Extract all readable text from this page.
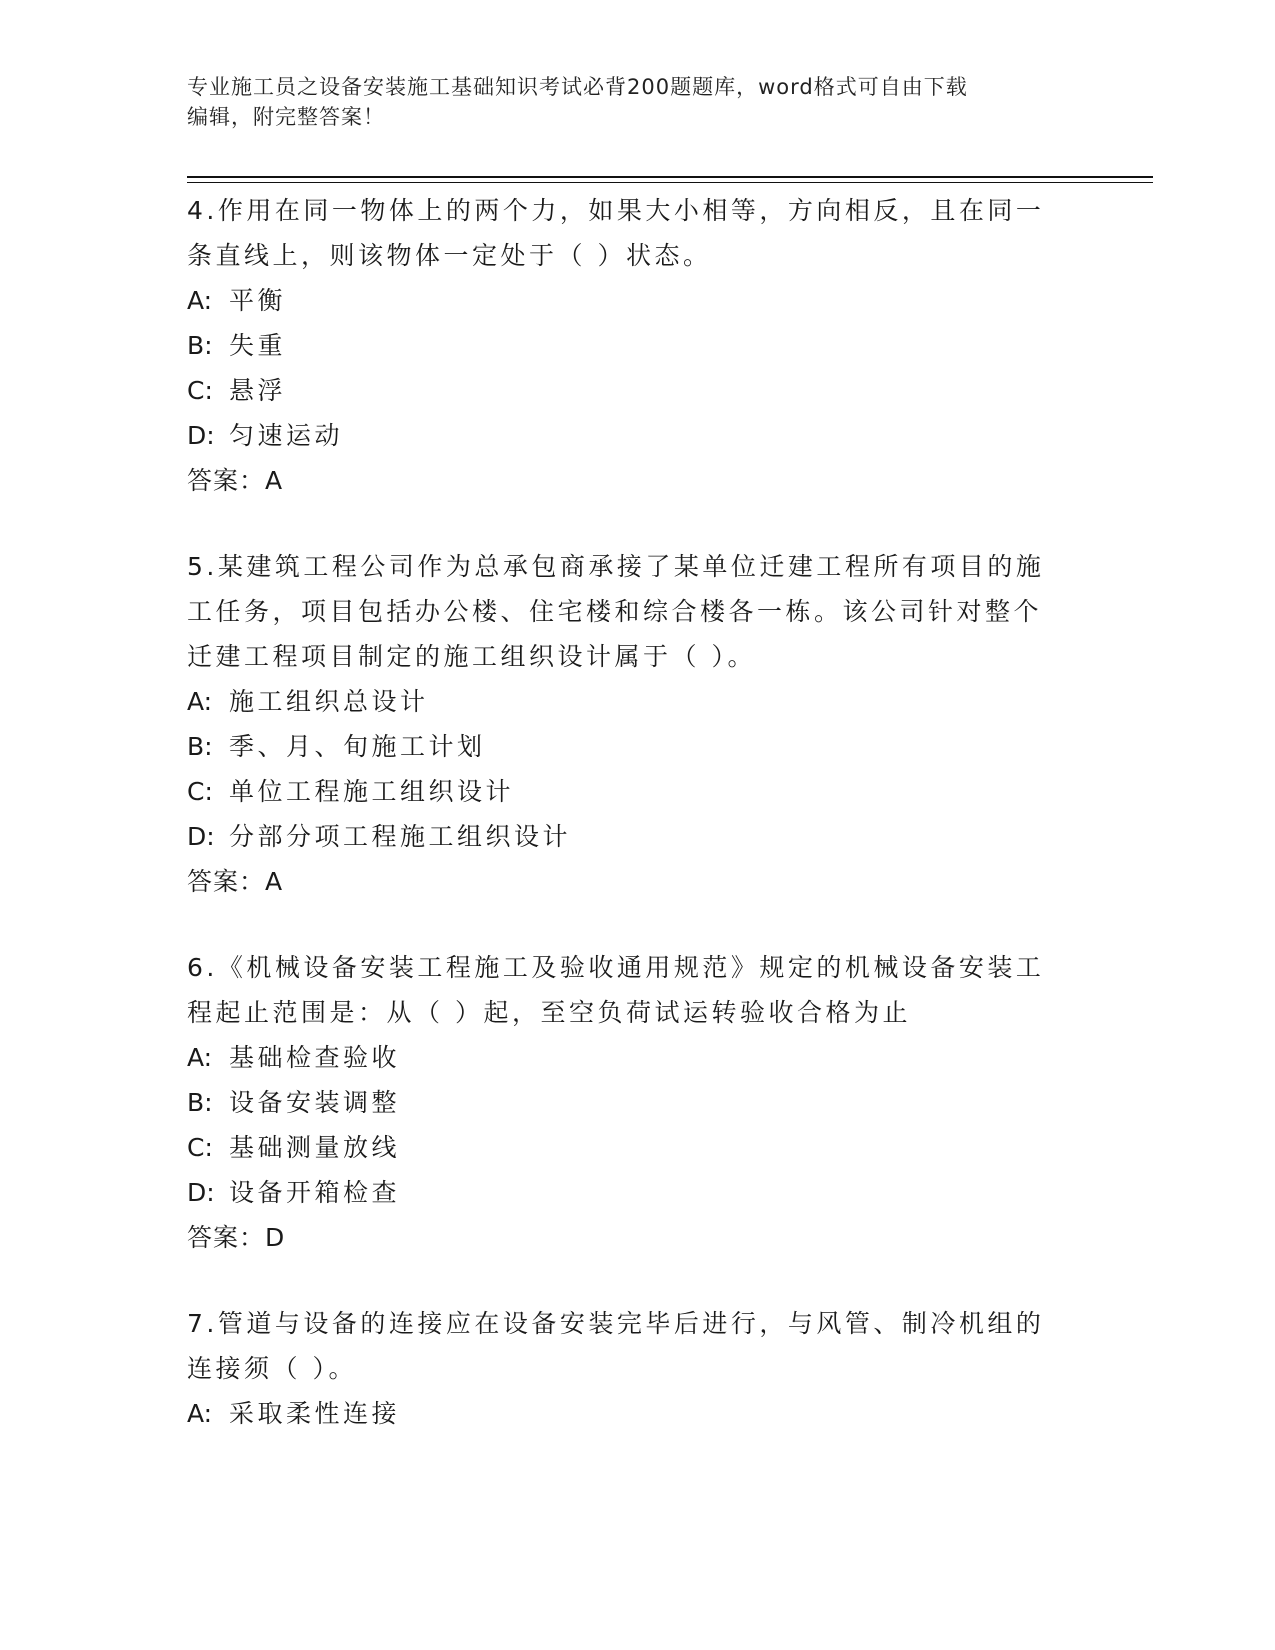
专业施工员之设备安装施工基础知识考试必背200题题库，word格式可自由下载
编辑，附完整答案！
4.作用在同一物体上的两个力，如果大小相等，方向相反，且在同一条直线上，则该物体一定处于（ ）状态。
A: 平衡
B: 失重
C: 悬浮
D: 匀速运动
答案：A
5.某建筑工程公司作为总承包商承接了某单位迁建工程所有项目的施工任务，项目包括办公楼、住宅楼和综合楼各一栋。该公司针对整个迁建工程项目制定的施工组织设计属于（ ）。
A: 施工组织总设计
B: 季、月、旬施工计划
C: 单位工程施工组织设计
D: 分部分项工程施工组织设计
答案：A
6.《机械设备安装工程施工及验收通用规范》规定的机械设备安装工程起止范围是：从（ ）起，至空负荷试运转验收合格为止
A: 基础检查验收
B: 设备安装调整
C: 基础测量放线
D: 设备开箱检查
答案：D
7.管道与设备的连接应在设备安装完毕后进行，与风管、制冷机组的连接须（ ）。
A: 采取柔性连接
